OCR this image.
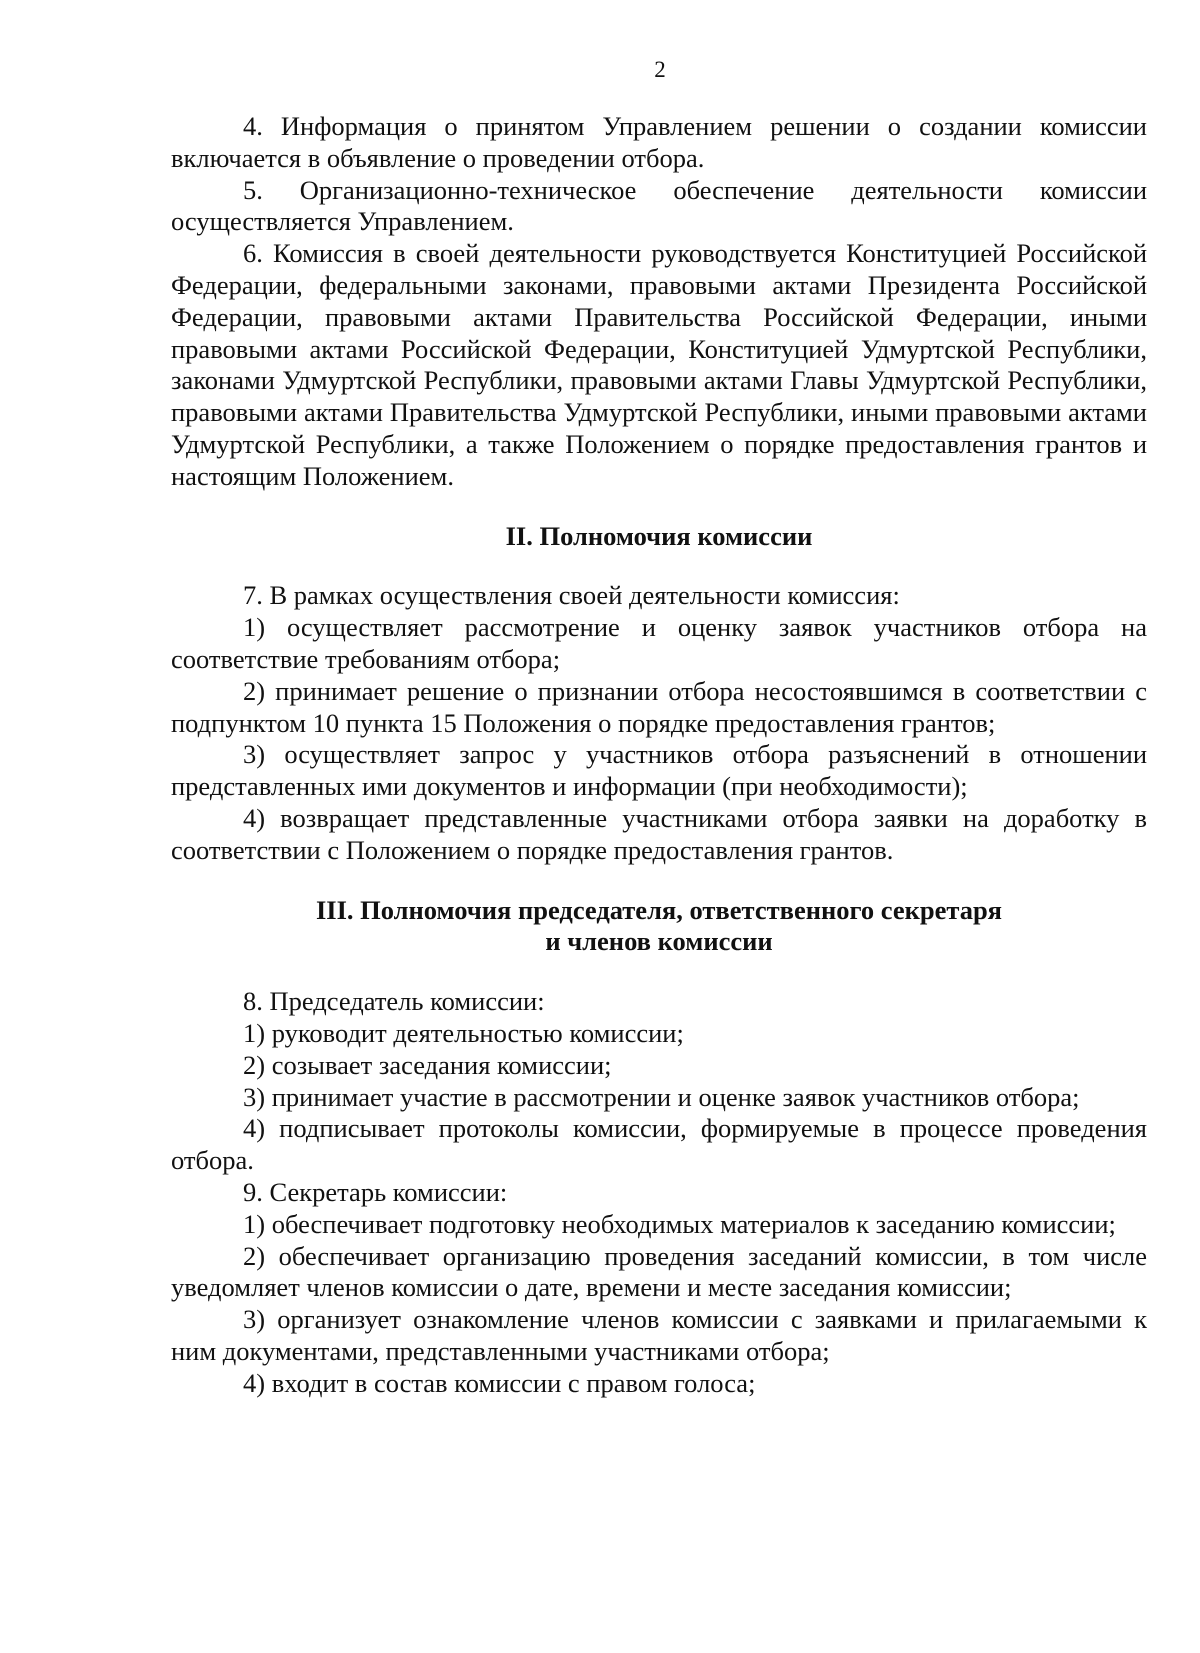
2

4. Информация о принятом Управлением решении о создании комиссии включается в объявление о проведении отбора.

5. Организационно-техническое обеспечение деятельности комиссии осуществляется Управлением.

6. Комиссия в своей деятельности руководствуется Конституцией Российской Федерации, федеральными законами, правовыми актами Президента Российской Федерации, правовыми актами Правительства Российской Федерации, иными правовыми актами Российской Федерации, Конституцией Удмуртской Республики, законами Удмуртской Республики, правовыми актами Главы Удмуртской Республики, правовыми актами Правительства Удмуртской Республики, иными правовыми актами Удмуртской Республики, а также Положением о порядке предоставления грантов и настоящим Положением.

II. Полномочия комиссии

7. В рамках осуществления своей деятельности комиссия:

1) осуществляет рассмотрение и оценку заявок участников отбора на соответствие требованиям отбора;

2) принимает решение о признании отбора несостоявшимся в соответствии с подпунктом 10 пункта 15 Положения о порядке предоставления грантов;

3) осуществляет запрос у участников отбора разъяснений в отношении представленных ими документов и информации (при необходимости);

4) возвращает представленные участниками отбора заявки на доработку в соответствии с Положением о порядке предоставления грантов.

III. Полномочия председателя, ответственного секретаря
и членов комиссии

8. Председатель комиссии:

1) руководит деятельностью комиссии;

2) созывает заседания комиссии;

3) принимает участие в рассмотрении и оценке заявок участников отбора;

4) подписывает протоколы комиссии, формируемые в процессе проведения отбора.

9. Секретарь комиссии:

1) обеспечивает подготовку необходимых материалов к заседанию комиссии;

2) обеспечивает организацию проведения заседаний комиссии, в том числе уведомляет членов комиссии о дате, времени и месте заседания комиссии;

3) организует ознакомление членов комиссии с заявками и прилагаемыми к ним документами, представленными участниками отбора;

4) входит в состав комиссии с правом голоса;
